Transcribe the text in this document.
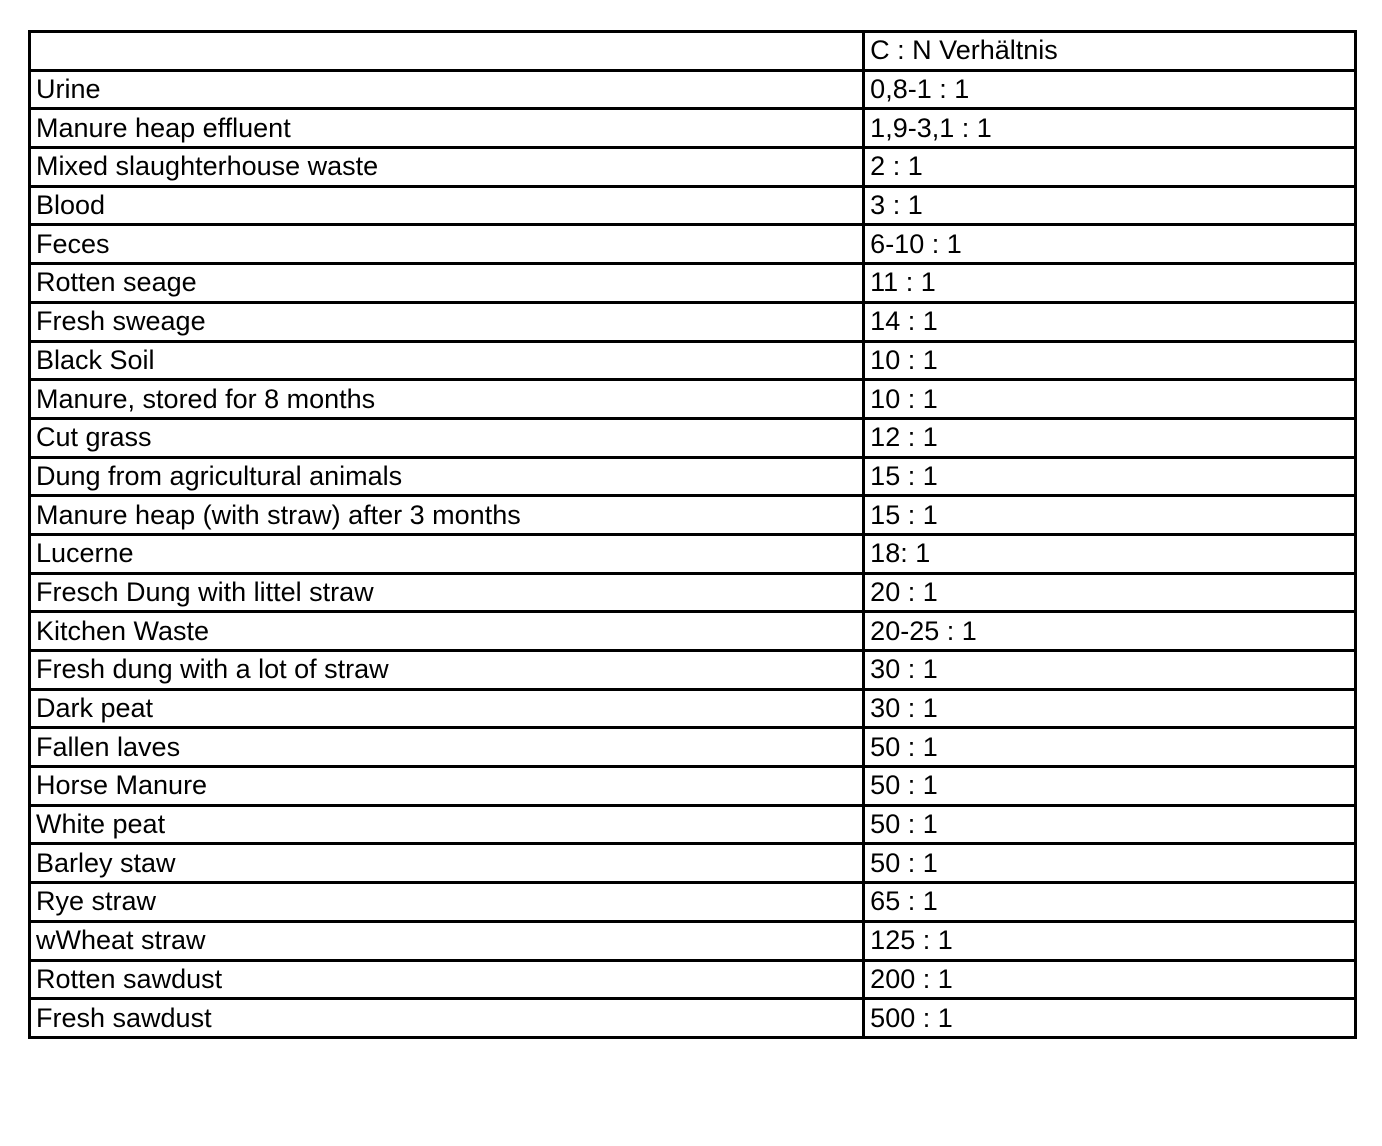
	C : N Verhältnis
Urine	0,8-1 : 1
Manure heap effluent	1,9-3,1 : 1
Mixed slaughterhouse waste	2 : 1
Blood	3 : 1
Feces	6-10 : 1
Rotten seage	11 : 1
Fresh sweage	14 : 1
Black Soil	10 : 1
Manure, stored for 8 months	10 : 1
Cut grass	12 : 1
Dung from agricultural animals	15 : 1
Manure heap (with straw) after 3 months	15 : 1
Lucerne	18: 1
Fresch Dung with littel straw	20 : 1
Kitchen Waste	20-25 : 1
Fresh dung with a lot of straw	30 : 1
Dark peat	30 : 1
Fallen laves	50 : 1
Horse Manure	50 : 1
White peat	50 : 1
Barley staw	50 : 1
Rye straw	65 : 1
wWheat straw	125 : 1
Rotten sawdust	200 : 1
Fresh sawdust	500 : 1
